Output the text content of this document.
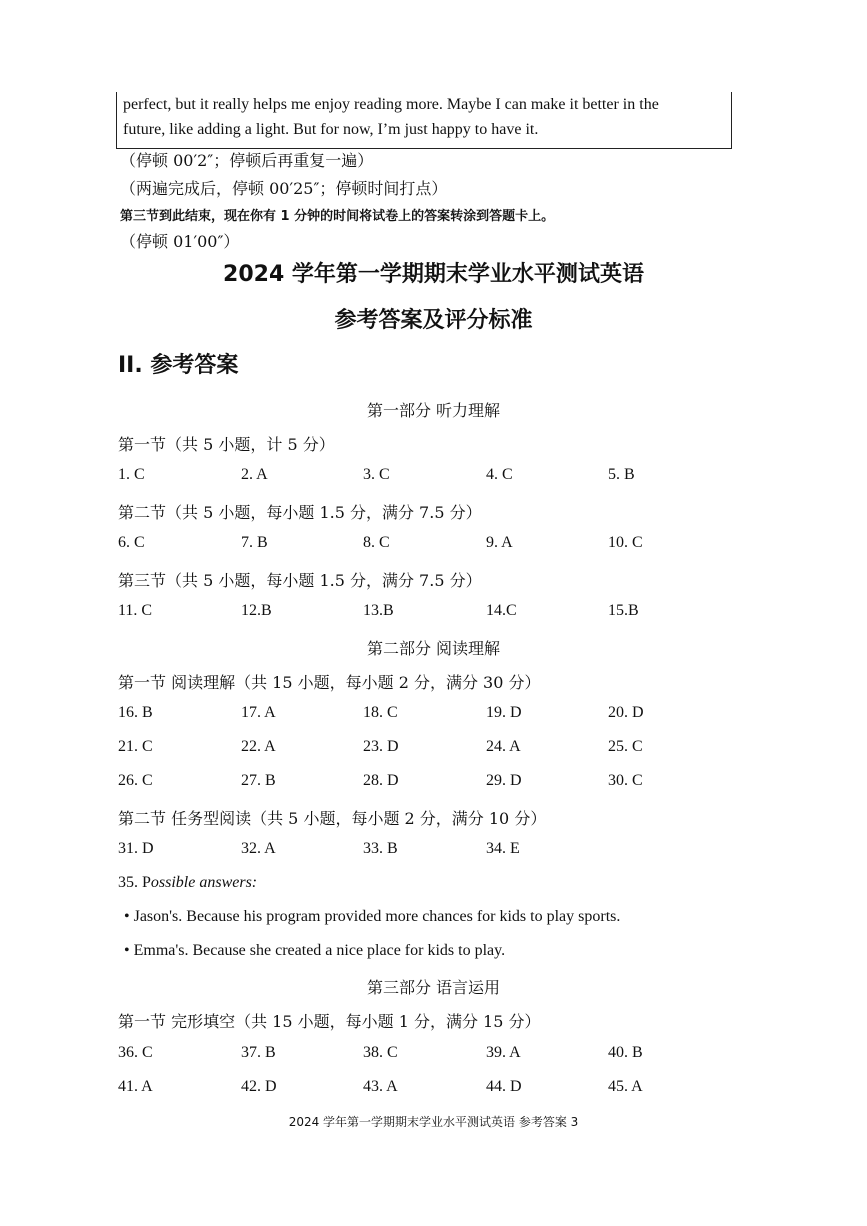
perfect, but it really helps me enjoy reading more. Maybe I can make it better in the
future, like adding a light. But for now, I’m just happy to have it.
（停顿 00′2″；停顿后再重复一遍）
（两遍完成后，停顿 00′25″；停顿时间打点）
第三节到此结束，现在你有 1 分钟的时间将试卷上的答案转涂到答题卡上。
（停顿 01′00″）
2024 学年第一学期期末学业水平测试英语
参考答案及评分标准
II. 参考答案
第一部分 听力理解
第一节（共 5 小题，计 5 分）
1. C	2. A	3. C	4. C	5. B
第二节（共 5 小题，每小题 1.5 分，满分 7.5 分）
6. C	7. B	8. C	9. A	10. C
第三节（共 5 小题，每小题 1.5 分，满分 7.5 分）
11. C	12.B	13.B	14.C	15.B
第二部分 阅读理解
第一节 阅读理解（共 15 小题，每小题 2 分，满分 30 分）
16. B	17. A	18. C	19. D	20. D
21. C	22. A	23. D	24. A	25. C
26. C	27. B	28. D	29. D	30. C
第二节 任务型阅读（共 5 小题，每小题 2 分，满分 10 分）
31. D	32. A	33. B	34. E
35. Possible answers:
• Jason's. Because his program provided more chances for kids to play sports.
• Emma's. Because she created a nice place for kids to play.
第三部分 语言运用
第一节 完形填空（共 15 小题，每小题 1 分，满分 15 分）
36. C	37. B	38. C	39. A	40. B
41. A	42. D	43. A	44. D	45. A
2024 学年第一学期期末学业水平测试英语 参考答案 3
